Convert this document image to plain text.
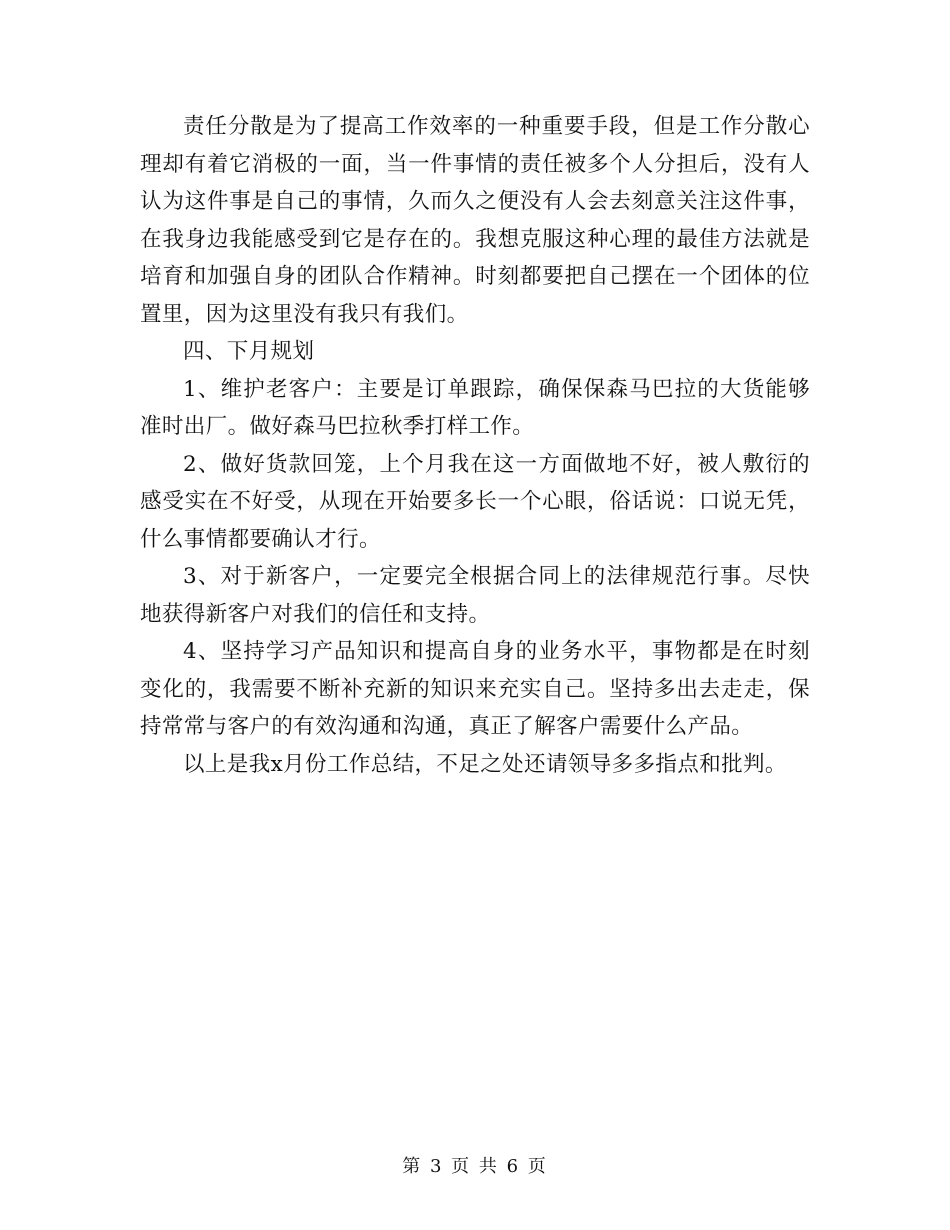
责任分散是为了提高工作效率的一种重要手段，但是工作分散心理却有着它消极的一面，当一件事情的责任被多个人分担后，没有人认为这件事是自己的事情，久而久之便没有人会去刻意关注这件事，在我身边我能感受到它是存在的。我想克服这种心理的最佳方法就是培育和加强自身的团队合作精神。时刻都要把自己摆在一个团体的位置里，因为这里没有我只有我们。

四、下月规划

1、维护老客户：主要是订单跟踪，确保保森马巴拉的大货能够准时出厂。做好森马巴拉秋季打样工作。

2、做好货款回笼，上个月我在这一方面做地不好，被人敷衍的感受实在不好受，从现在开始要多长一个心眼，俗话说：口说无凭，什么事情都要确认才行。

3、对于新客户，一定要完全根据合同上的法律规范行事。尽快地获得新客户对我们的信任和支持。

4、坚持学习产品知识和提高自身的业务水平，事物都是在时刻变化的，我需要不断补充新的知识来充实自己。坚持多出去走走，保持常常与客户的有效沟通和沟通，真正了解客户需要什么产品。

以上是我x月份工作总结，不足之处还请领导多多指点和批判。

第 3 页 共 6 页
